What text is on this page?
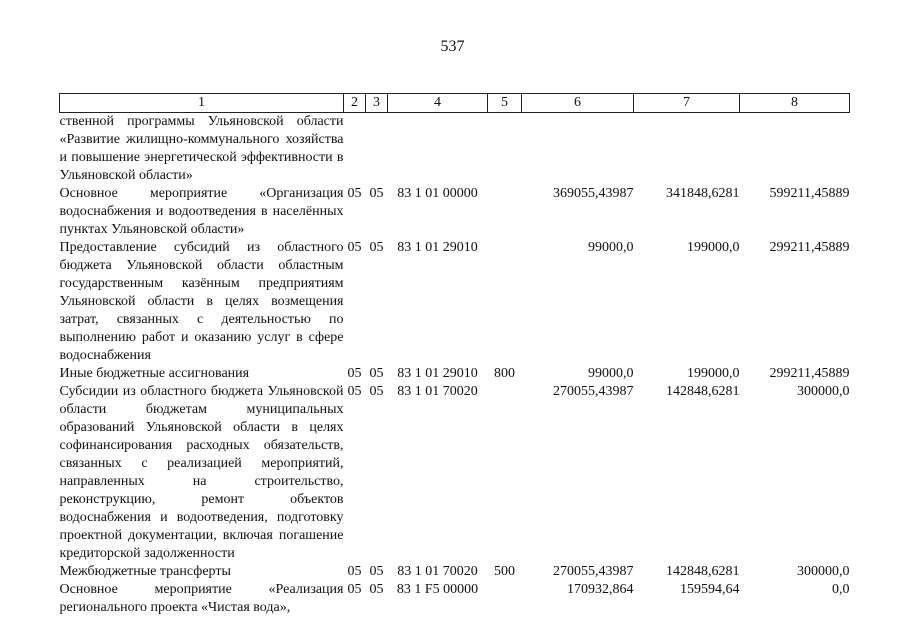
537
1	2	3	4	5	6	7	8
ственной программы Ульяновской области «Развитие жилищно-коммунального хозяйства и повышение энергетической эффективности в Ульяновской области»							
Основное мероприятие «Организация водоснабжения и водоотведения в населённых пунктах Ульяновской области»	05	05	83 1 01 00000		369055,43987	341848,6281	599211,45889
Предоставление субсидий из областного бюджета Ульяновской области областным государственным казённым предприятиям Ульяновской области в целях возмещения затрат, связанных с деятельностью по выполнению работ и оказанию услуг в сфере водоснабжения	05	05	83 1 01 29010		99000,0	199000,0	299211,45889
Иные бюджетные ассигнования	05	05	83 1 01 29010	800	99000,0	199000,0	299211,45889
Субсидии из областного бюджета Ульяновской области бюджетам муниципальных образований Ульяновской области в целях софинансирования расходных обязательств, связанных с реализацией мероприятий, направленных на строительство, реконструкцию, ремонт объектов водоснабжения и водоотведения, подготовку проектной документации, включая погашение кредиторской задолженности	05	05	83 1 01 70020		270055,43987	142848,6281	300000,0
Межбюджетные трансферты	05	05	83 1 01 70020	500	270055,43987	142848,6281	300000,0
Основное мероприятие «Реализация регионального проекта «Чистая вода»,	05	05	83 1 F5 00000		170932,864	159594,64	0,0
